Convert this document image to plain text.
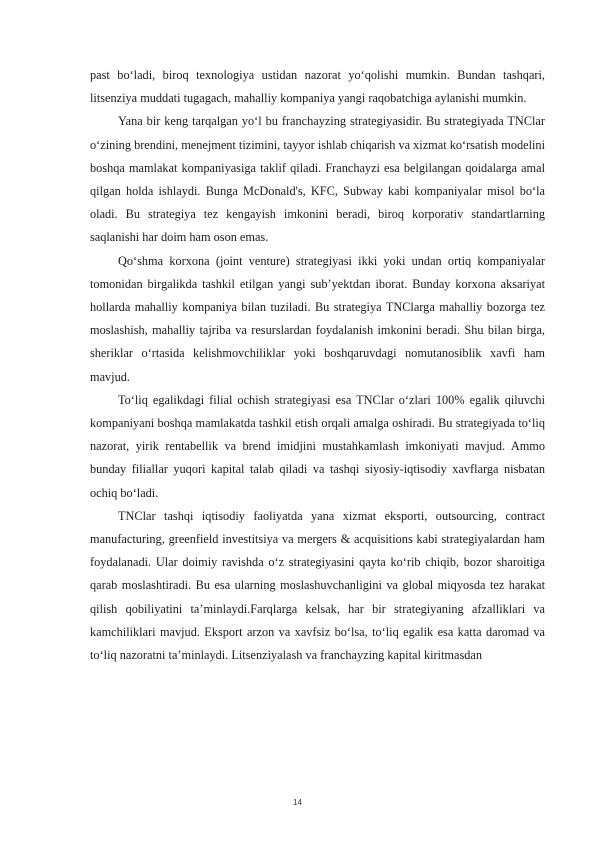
past bo‘ladi, biroq texnologiya ustidan nazorat yo‘qolishi mumkin. Bundan tashqari, litsenziya muddati tugagach, mahalliy kompaniya yangi raqobatchiga aylanishi mumkin.

Yana bir keng tarqalgan yo‘l bu franchayzing strategiyasidir. Bu strategiyada TNClar o‘zining brendini, menejment tizimini, tayyor ishlab chiqarish va xizmat ko‘rsatish modelini boshqa mamlakat kompaniyasiga taklif qiladi. Franchayzi esa belgilangan qoidalarga amal qilgan holda ishlaydi. Bunga McDonald's, KFC, Subway kabi kompaniyalar misol bo‘la oladi. Bu strategiya tez kengayish imkonini beradi, biroq korporativ standartlarning saqlanishi har doim ham oson emas.

Qo‘shma korxona (joint venture) strategiyasi ikki yoki undan ortiq kompaniyalar tomonidan birgalikda tashkil etilgan yangi sub’yektdan iborat. Bunday korxona aksariyat hollarda mahalliy kompaniya bilan tuziladi. Bu strategiya TNClarga mahalliy bozorga tez moslashish, mahalliy tajriba va resurslardan foydalanish imkonini beradi. Shu bilan birga, sheriklar o‘rtasida kelishmovchiliklar yoki boshqaruvdagi nomutanosiblik xavfi ham mavjud.

To‘liq egalikdagi filial ochish strategiyasi esa TNClar o‘zlari 100% egalik qiluvchi kompaniyani boshqa mamlakatda tashkil etish orqali amalga oshiradi. Bu strategiyada to‘liq nazorat, yirik rentabellik va brend imidjini mustahkamlash imkoniyati mavjud. Ammo bunday filiallar yuqori kapital talab qiladi va tashqi siyosiy-iqtisodiy xavflarga nisbatan ochiq bo‘ladi.

TNClar tashqi iqtisodiy faoliyatda yana xizmat eksporti, outsourcing, contract manufacturing, greenfield investitsiya va mergers & acquisitions kabi strategiyalardan ham foydalanadi. Ular doimiy ravishda o‘z strategiyasini qayta ko‘rib chiqib, bozor sharoitiga qarab moslashtiradi. Bu esa ularning moslashuvchanligini va global miqyosda tez harakat qilish qobiliyatini ta’minlaydi.Farqlarga kelsak, har bir strategiyaning afzalliklari va kamchiliklari mavjud. Eksport arzon va xavfsiz bo‘lsa, to‘liq egalik esa katta daromad va to‘liq nazoratni ta’minlaydi. Litsenziyalash va franchayzing kapital kiritmasdan

14
